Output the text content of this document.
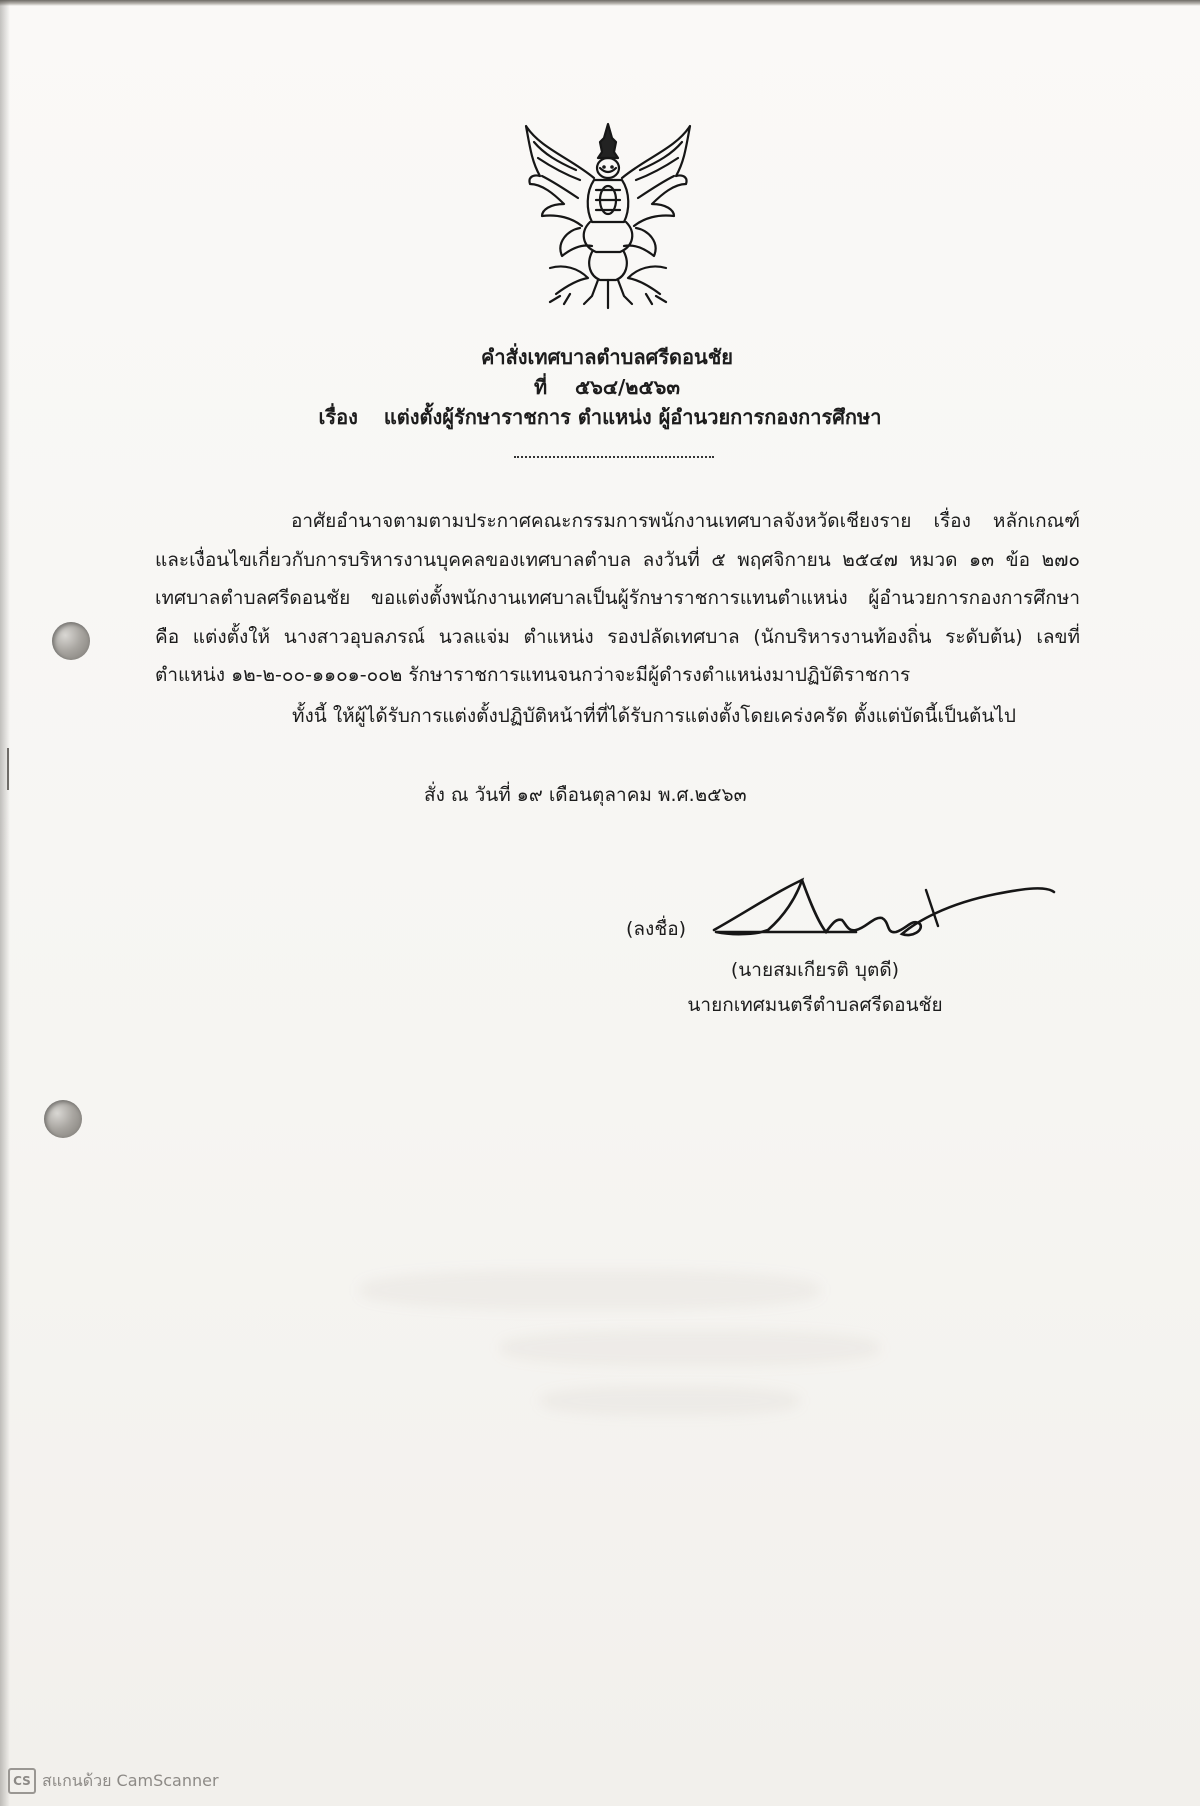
คำสั่งเทศบาลตำบลศรีดอนชัย
ที่ ๕๖๔/๒๕๖๓
เรื่อง แต่งตั้งผู้รักษาราชการ ตำแหน่ง ผู้อำนวยการกองการศึกษา

อาศัยอำนาจตามตามประกาศคณะกรรมการพนักงานเทศบาลจังหวัดเชียงราย เรื่อง หลักเกณฑ์และเงื่อนไขเกี่ยวกับการบริหารงานบุคคลของเทศบาลตำบล ลงวันที่ ๕ พฤศจิกายน ๒๕๔๗ หมวด ๑๓ ข้อ ๒๗๐ เทศบาลตำบลศรีดอนชัย ขอแต่งตั้งพนักงานเทศบาลเป็นผู้รักษาราชการแทนตำแหน่ง ผู้อำนวยการกองการศึกษา คือ แต่งตั้งให้ นางสาวอุบลภรณ์ นวลแจ่ม ตำแหน่ง รองปลัดเทศบาล (นักบริหารงานท้องถิ่น ระดับต้น) เลขที่ตำแหน่ง ๑๒-๒-๐๐-๑๑๐๑-๐๐๒ รักษาราชการแทนจนกว่าจะมีผู้ดำรงตำแหน่งมาปฏิบัติราชการ

ทั้งนี้ ให้ผู้ได้รับการแต่งตั้งปฏิบัติหน้าที่ที่ได้รับการแต่งตั้งโดยเคร่งครัด ตั้งแต่บัดนี้เป็นต้นไป
สั่ง ณ วันที่ ๑๙ เดือนตุลาคม พ.ศ.๒๕๖๓
(ลงชื่อ)
(นายสมเกียรติ บุตดี)
นายกเทศมนตรีตำบลศรีดอนชัย
CS สแกนด้วย CamScanner
